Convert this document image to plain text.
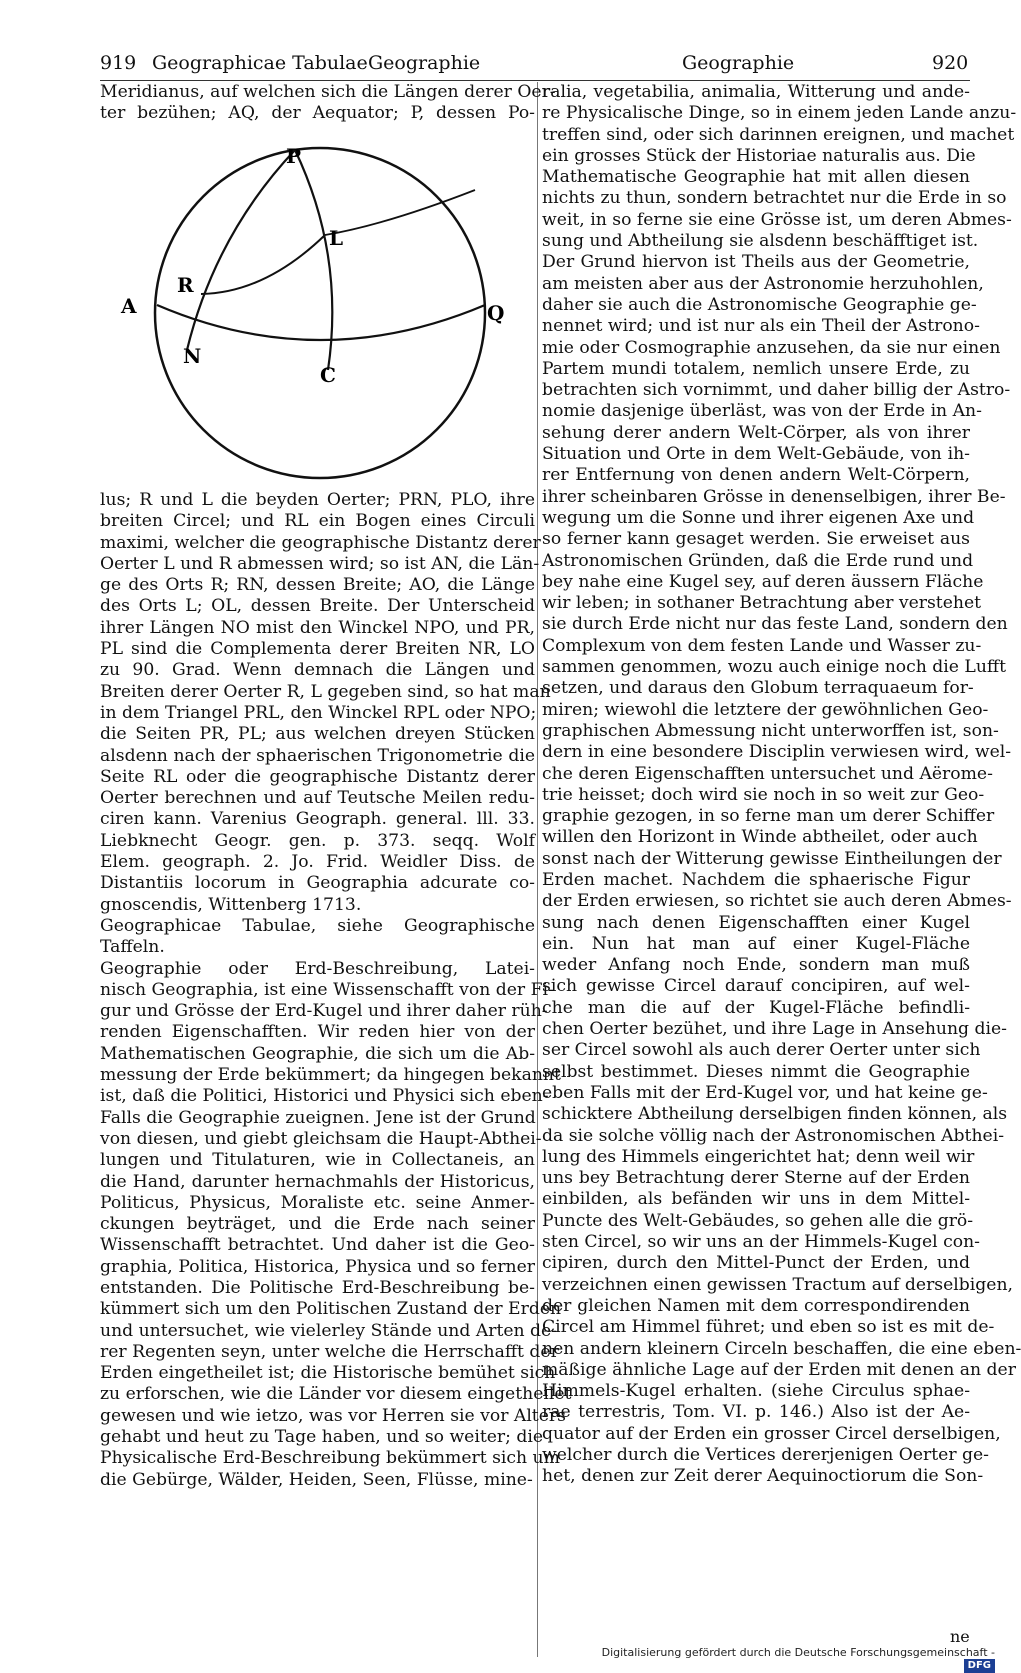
919 Geographicae Tabulae Geographie	Geographie	920
Meridianus, auf welchen sich die Längen derer Oer-
ter bezühen; AQ, der Aequator; P, dessen Po-
P
L
R
A	Q
N
C
lus; R und L die beyden Oerter; PRN, PLO, ihre
breiten Circel; und RL ein Bogen eines Circuli
maximi, welcher die geographische Distantz derer
Oerter L und R abmessen wird; so ist AN, die Län-
ge des Orts R; RN, dessen Breite; AO, die Länge
des Orts L; OL, dessen Breite. Der Unterscheid
ihrer Längen NO mist den Winckel NPO, und PR,
PL sind die Complementa derer Breiten NR, LO
zu 90. Grad. Wenn demnach die Längen und
Breiten derer Oerter R, L gegeben sind, so hat man
in dem Triangel PRL, den Winckel RPL oder NPO;
die Seiten PR, PL; aus welchen dreyen Stücken
alsdenn nach der sphaerischen Trigonometrie die
Seite RL oder die geographische Distantz derer
Oerter berechnen und auf Teutsche Meilen redu-
ciren kann. Varenius Geograph. general. lll. 33.
Liebknecht Geogr. gen. p. 373. seqq. Wolf
Elem. geograph. 2. Jo. Frid. Weidler Diss. de
Distantiis locorum in Geographia adcurate co-
gnoscendis, Wittenberg 1713.
Geographicae Tabulae, siehe Geographische
Taffeln.
Geographie oder Erd-Beschreibung, Latei-
nisch Geographia, ist eine Wissenschafft von der Fi-
gur und Grösse der Erd-Kugel und ihrer daher rüh-
renden Eigenschafften. Wir reden hier von der
Mathematischen Geographie, die sich um die Ab-
messung der Erde bekümmert; da hingegen bekannt
ist, daß die Politici, Historici und Physici sich eben-
Falls die Geographie zueignen. Jene ist der Grund
von diesen, und giebt gleichsam die Haupt-Abthei-
lungen und Titulaturen, wie in Collectaneis, an
die Hand, darunter hernachmahls der Historicus,
Politicus, Physicus, Moraliste etc. seine Anmer-
ckungen beyträget, und die Erde nach seiner
Wissenschafft betrachtet. Und daher ist die Geo-
graphia, Politica, Historica, Physica und so ferner
entstanden. Die Politische Erd-Beschreibung be-
kümmert sich um den Politischen Zustand der Erden
und untersuchet, wie vielerley Stände und Arten de-
rer Regenten seyn, unter welche die Herrschafft der
Erden eingetheilet ist; die Historische bemühet sich
zu erforschen, wie die Länder vor diesem eingetheilet
gewesen und wie ietzo, was vor Herren sie vor Alters
gehabt und heut zu Tage haben, und so weiter; die
Physicalische Erd-Beschreibung bekümmert sich um
die Gebürge, Wälder, Heiden, Seen, Flüsse, mine-
ralia, vegetabilia, animalia, Witterung und ande-
re Physicalische Dinge, so in einem jeden Lande anzu-
treffen sind, oder sich darinnen ereignen, und machet
ein grosses Stück der Historiae naturalis aus. Die
Mathematische Geographie hat mit allen diesen
nichts zu thun, sondern betrachtet nur die Erde in so
weit, in so ferne sie eine Grösse ist, um deren Abmes-
sung und Abtheilung sie alsdenn beschäfftiget ist.
Der Grund hiervon ist Theils aus der Geometrie,
am meisten aber aus der Astronomie herzuhohlen,
daher sie auch die Astronomische Geographie ge-
nennet wird; und ist nur als ein Theil der Astrono-
mie oder Cosmographie anzusehen, da sie nur einen
Partem mundi totalem, nemlich unsere Erde, zu
betrachten sich vornimmt, und daher billig der Astro-
nomie dasjenige überläst, was von der Erde in An-
sehung derer andern Welt-Cörper, als von ihrer
Situation und Orte in dem Welt-Gebäude, von ih-
rer Entfernung von denen andern Welt-Cörpern,
ihrer scheinbaren Grösse in denenselbigen, ihrer Be-
wegung um die Sonne und ihrer eigenen Axe und
so ferner kann gesaget werden. Sie erweiset aus
Astronomischen Gründen, daß die Erde rund und
bey nahe eine Kugel sey, auf deren äussern Fläche
wir leben; in sothaner Betrachtung aber verstehet
sie durch Erde nicht nur das feste Land, sondern den
Complexum von dem festen Lande und Wasser zu-
sammen genommen, wozu auch einige noch die Lufft
setzen, und daraus den Globum terraquaeum for-
miren; wiewohl die letztere der gewöhnlichen Geo-
graphischen Abmessung nicht unterworffen ist, son-
dern in eine besondere Disciplin verwiesen wird, wel-
che deren Eigenschafften untersuchet und Aërome-
trie heisset; doch wird sie noch in so weit zur Geo-
graphie gezogen, in so ferne man um derer Schiffer
willen den Horizont in Winde abtheilet, oder auch
sonst nach der Witterung gewisse Eintheilungen der
Erden machet. Nachdem die sphaerische Figur
der Erden erwiesen, so richtet sie auch deren Abmes-
sung nach denen Eigenschafften einer Kugel
ein. Nun hat man auf einer Kugel-Fläche
weder Anfang noch Ende, sondern man muß
sich gewisse Circel darauf concipiren, auf wel-
che man die auf der Kugel-Fläche befindli-
chen Oerter bezühet, und ihre Lage in Ansehung die-
ser Circel sowohl als auch derer Oerter unter sich
selbst bestimmet. Dieses nimmt die Geographie
eben Falls mit der Erd-Kugel vor, und hat keine ge-
schicktere Abtheilung derselbigen finden können, als
da sie solche völlig nach der Astronomischen Abthei-
lung des Himmels eingerichtet hat; denn weil wir
uns bey Betrachtung derer Sterne auf der Erden
einbilden, als befänden wir uns in dem Mittel-
Puncte des Welt-Gebäudes, so gehen alle die grö-
sten Circel, so wir uns an der Himmels-Kugel con-
cipiren, durch den Mittel-Punct der Erden, und
verzeichnen einen gewissen Tractum auf derselbigen,
der gleichen Namen mit dem correspondirenden
Circel am Himmel führet; und eben so ist es mit de-
nen andern kleinern Circeln beschaffen, die eine eben-
mäßige ähnliche Lage auf der Erden mit denen an der
Himmels-Kugel erhalten. (siehe Circulus sphae-
rae terrestris, Tom. VI. p. 146.) Also ist der Ae-
quator auf der Erden ein grosser Circel derselbigen,
welcher durch die Vertices dererjenigen Oerter ge-
het, denen zur Zeit derer Aequinoctiorum die Son-
ne
Digitalisierung gefördert durch die Deutsche Forschungsgemeinschaft -DFG
